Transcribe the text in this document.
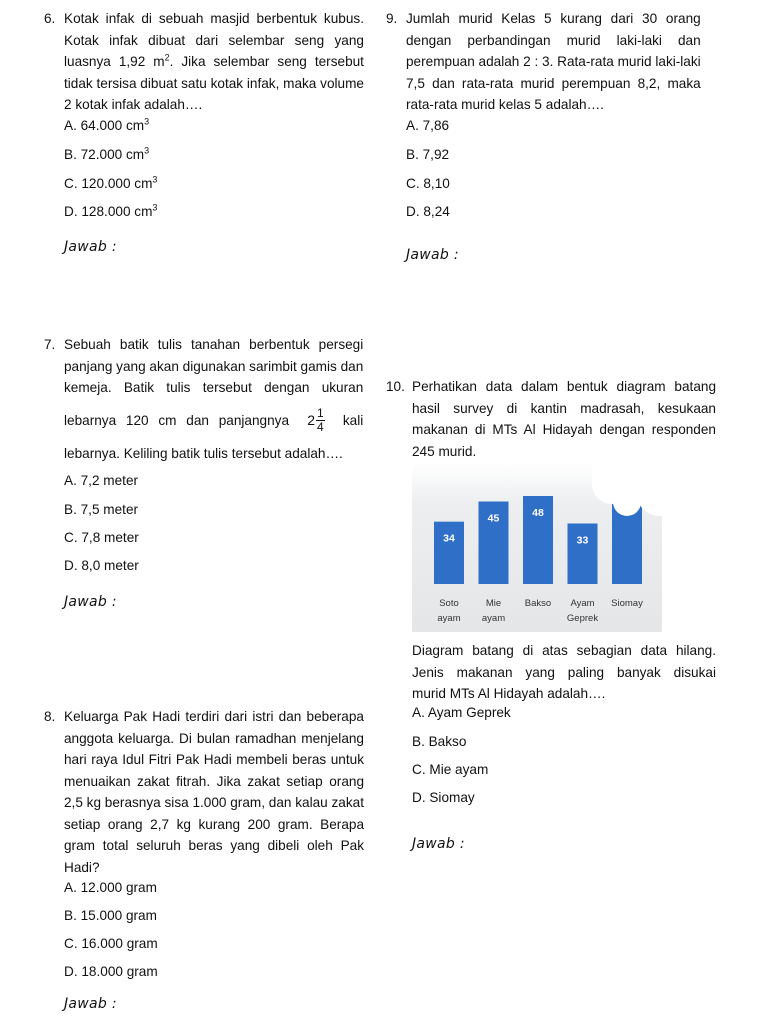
6. Kotak infak di sebuah masjid berbentuk kubus.
Kotak infak dibuat dari selembar seng yang
luasnya 1,92 $m^2$. Jika selembar seng tersebut
tidak tersisa dibuat satu kotak infak, maka volume
2 kotak infak adalah….
A. 64.000 $cm^3$
B. 72.000 $cm^3$
C. 120.000 $cm^3$
D. 128.000 $cm^3$
Jawab :
9. Jumlah murid Kelas 5 kurang dari 30 orang
dengan perbandingan murid laki-laki dan
perempuan adalah 2 : 3. Rata-rata murid laki-laki
7,5 dan rata-rata murid perempuan 8,2, maka
rata-rata murid kelas 5 adalah….
A. 7,86
B. 7,92
C. 8,10
D. 8,24
Jawab :
7. Sebuah batik tulis tanahan berbentuk persegi
panjang yang akan digunakan sarimbit gamis dan
kemeja. Batik tulis tersebut dengan ukuran
lebarnya 120 cm dan panjangnya $2 \frac{1}{4}$ kali
lebarnya. Keliling batik tulis tersebut adalah….
A. 7,2 meter
B. 7,5 meter
C. 7,8 meter
D. 8,0 meter
Jawab :
10. Perhatikan data dalam bentuk diagram batang
hasil survey di kantin madrasah, kesukaan
makanan di MTs Al Hidayah dengan responden
245 murid.
34
Soto
ayam
45
Mie
ayam
48
Bakso
33
Ayam
Geprek
Siomay
Diagram batang di atas sebagian data hilang.
Jenis makanan yang paling banyak disukai
murid MTs Al Hidayah adalah….
A. Ayam Geprek
B. Bakso
C. Mie ayam
D. Siomay
Jawab :
8. Keluarga Pak Hadi terdiri dari istri dan beberapa
anggota keluarga. Di bulan ramadhan menjelang
hari raya Idul Fitri Pak Hadi membeli beras untuk
menuaikan zakat fitrah. Jika zakat setiap orang
2,5 kg berasnya sisa 1.000 gram, dan kalau zakat
setiap orang 2,7 kg kurang 200 gram. Berapa
gram total seluruh beras yang dibeli oleh Pak
Hadi?
A. 12.000 gram
B. 15.000 gram
C. 16.000 gram
D. 18.000 gram
Jawab :
